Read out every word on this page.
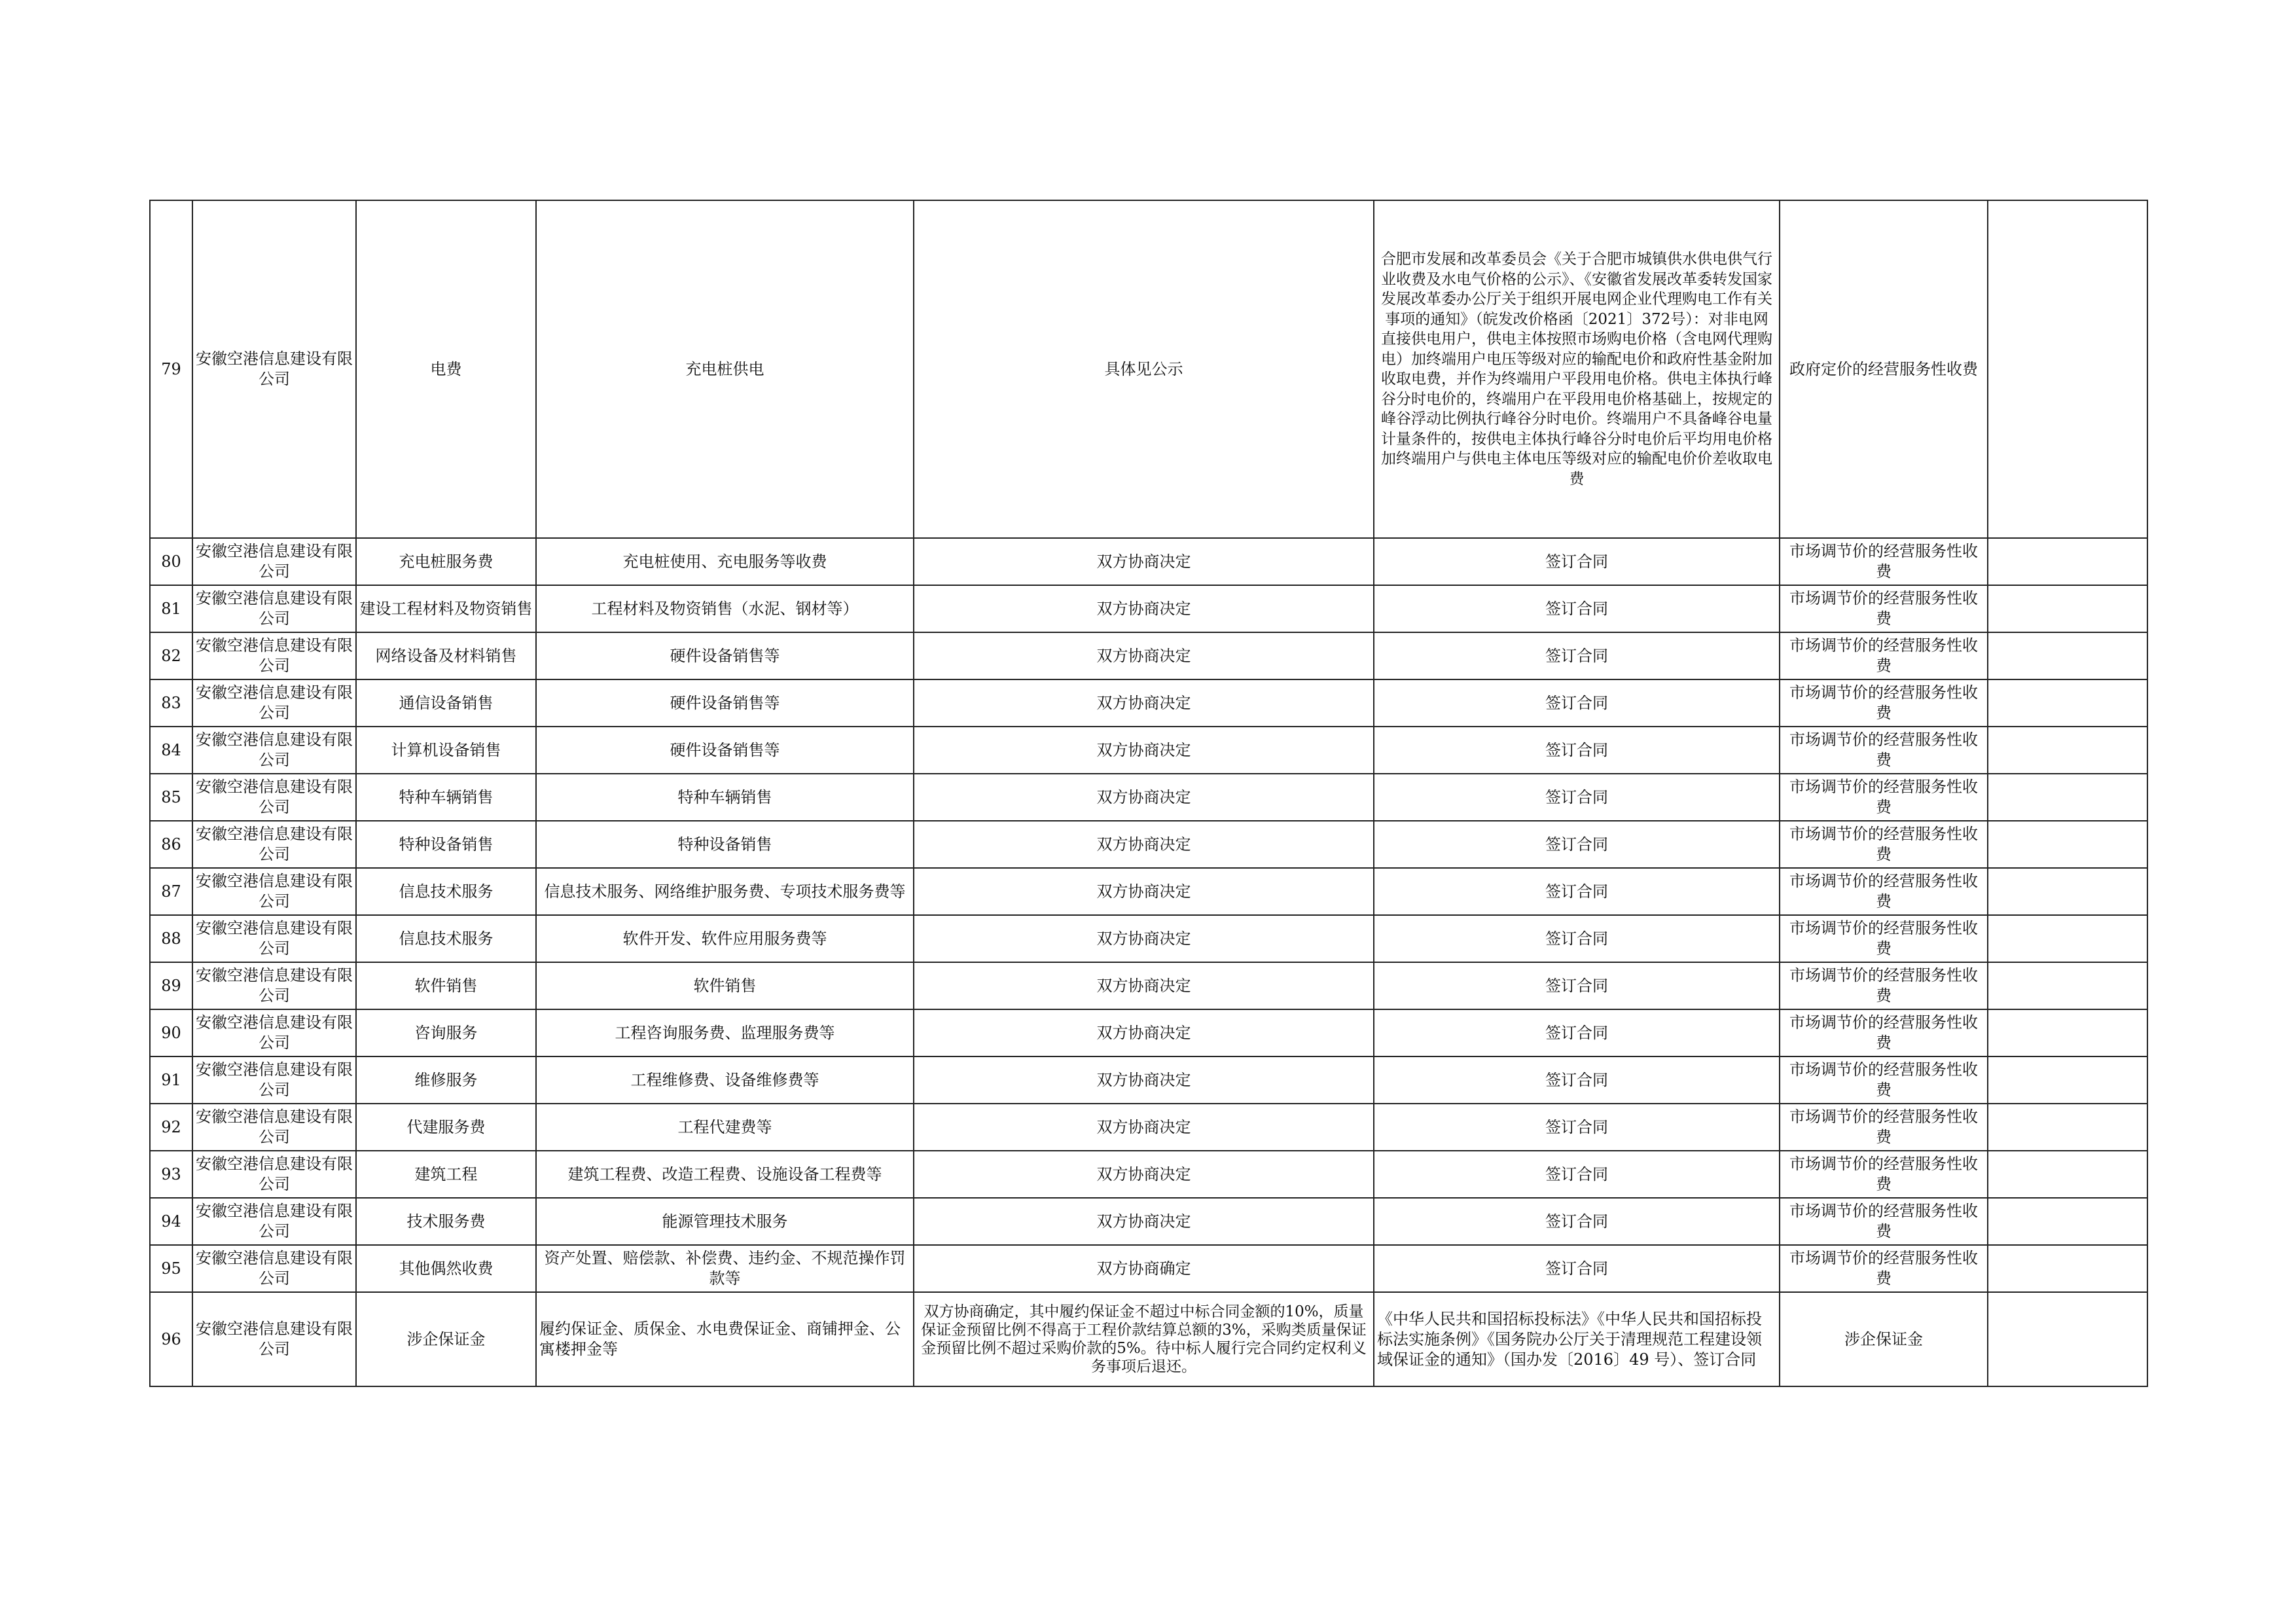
79	安徽空港信息建设有限公司	电费	充电桩供电	具体见公示	合肥市发展和改革委员会《关于合肥市城镇供水供电供气行业收费及水电气价格的公示》、《安徽省发展改革委转发国家发展改革委办公厅关于组织开展电网企业代理购电工作有关事项的通知》（皖发改价格函〔2021〕372号）：对非电网直接供电用户，供电主体按照市场购电价格（含电网代理购电）加终端用户电压等级对应的输配电价和政府性基金附加收取电费，并作为终端用户平段用电价格。供电主体执行峰谷分时电价的，终端用户在平段用电价格基础上，按规定的峰谷浮动比例执行峰谷分时电价。终端用户不具备峰谷电量计量条件的，按供电主体执行峰谷分时电价后平均用电价格加终端用户与供电主体电压等级对应的输配电价价差收取电费	政府定价的经营服务性收费	
80	安徽空港信息建设有限公司	充电桩服务费	充电桩使用、充电服务等收费	双方协商决定	签订合同	市场调节价的经营服务性收费	
81	安徽空港信息建设有限公司	建设工程材料及物资销售	工程材料及物资销售（水泥、钢材等）	双方协商决定	签订合同	市场调节价的经营服务性收费	
82	安徽空港信息建设有限公司	网络设备及材料销售	硬件设备销售等	双方协商决定	签订合同	市场调节价的经营服务性收费	
83	安徽空港信息建设有限公司	通信设备销售	硬件设备销售等	双方协商决定	签订合同	市场调节价的经营服务性收费	
84	安徽空港信息建设有限公司	计算机设备销售	硬件设备销售等	双方协商决定	签订合同	市场调节价的经营服务性收费	
85	安徽空港信息建设有限公司	特种车辆销售	特种车辆销售	双方协商决定	签订合同	市场调节价的经营服务性收费	
86	安徽空港信息建设有限公司	特种设备销售	特种设备销售	双方协商决定	签订合同	市场调节价的经营服务性收费	
87	安徽空港信息建设有限公司	信息技术服务	信息技术服务、网络维护服务费、专项技术服务费等	双方协商决定	签订合同	市场调节价的经营服务性收费	
88	安徽空港信息建设有限公司	信息技术服务	软件开发、软件应用服务费等	双方协商决定	签订合同	市场调节价的经营服务性收费	
89	安徽空港信息建设有限公司	软件销售	软件销售	双方协商决定	签订合同	市场调节价的经营服务性收费	
90	安徽空港信息建设有限公司	咨询服务	工程咨询服务费、监理服务费等	双方协商决定	签订合同	市场调节价的经营服务性收费	
91	安徽空港信息建设有限公司	维修服务	工程维修费、设备维修费等	双方协商决定	签订合同	市场调节价的经营服务性收费	
92	安徽空港信息建设有限公司	代建服务费	工程代建费等	双方协商决定	签订合同	市场调节价的经营服务性收费	
93	安徽空港信息建设有限公司	建筑工程	建筑工程费、改造工程费、设施设备工程费等	双方协商决定	签订合同	市场调节价的经营服务性收费	
94	安徽空港信息建设有限公司	技术服务费	能源管理技术服务	双方协商决定	签订合同	市场调节价的经营服务性收费	
95	安徽空港信息建设有限公司	其他偶然收费	资产处置、赔偿款、补偿费、违约金、不规范操作罚款等	双方协商确定	签订合同	市场调节价的经营服务性收费	
96	安徽空港信息建设有限公司	涉企保证金	履约保证金、质保金、水电费保证金、商铺押金、公寓楼押金等	双方协商确定，其中履约保证金不超过中标合同金额的10%，质量保证金预留比例不得高于工程价款结算总额的3%，采购类质量保证金预留比例不超过采购价款的5%。待中标人履行完合同约定权利义务事项后退还。	《中华人民共和国招标投标法》《中华人民共和国招标投标法实施条例》《国务院办公厅关于清理规范工程建设领域保证金的通知》（国办发〔2016〕49 号）、签订合同	涉企保证金	
